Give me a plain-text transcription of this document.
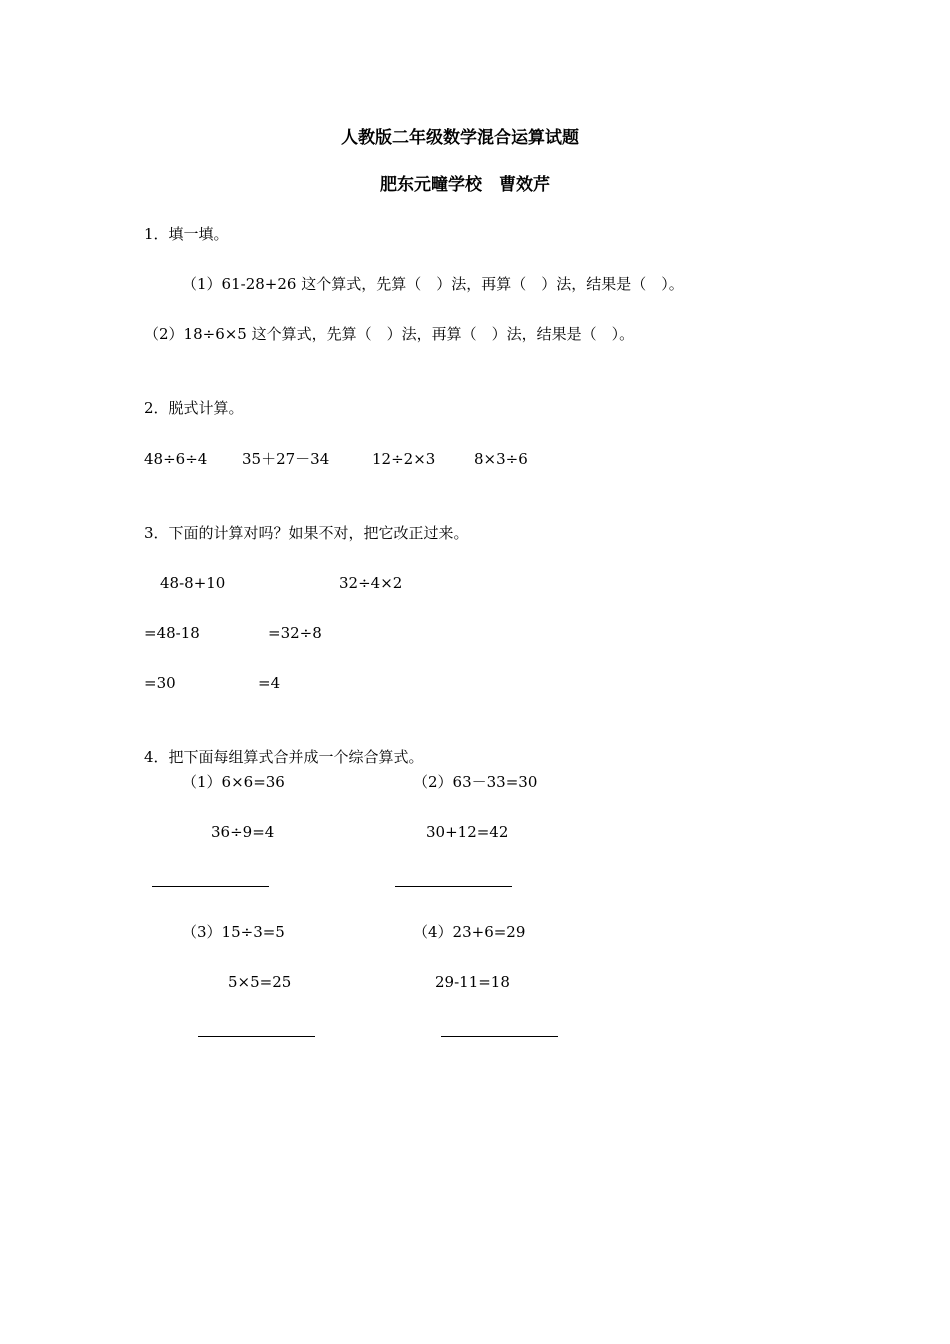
人教版二年级数学混合运算试题
肥东元疃学校　曹效芹
1．填一填。
（1）61-28+26 这个算式，先算（　）法，再算（　）法，结果是（　）。
（2）18÷6×5 这个算式，先算（　）法，再算（　）法，结果是（　）。
2．脱式计算。
48÷6÷4 35＋27－34	12÷2×3	8×3÷6
3．下面的计算对吗？如果不对，把它改正过来。
48-8+10	32÷4×2
=48-18	=32÷8
=30	=4
4．把下面每组算式合并成一个综合算式。
（1）6×6=36	（2）63－33=30
36÷9=4	30+12=42
（3）15÷3=5	（4）23+6=29
5×5=25	29-11=18
